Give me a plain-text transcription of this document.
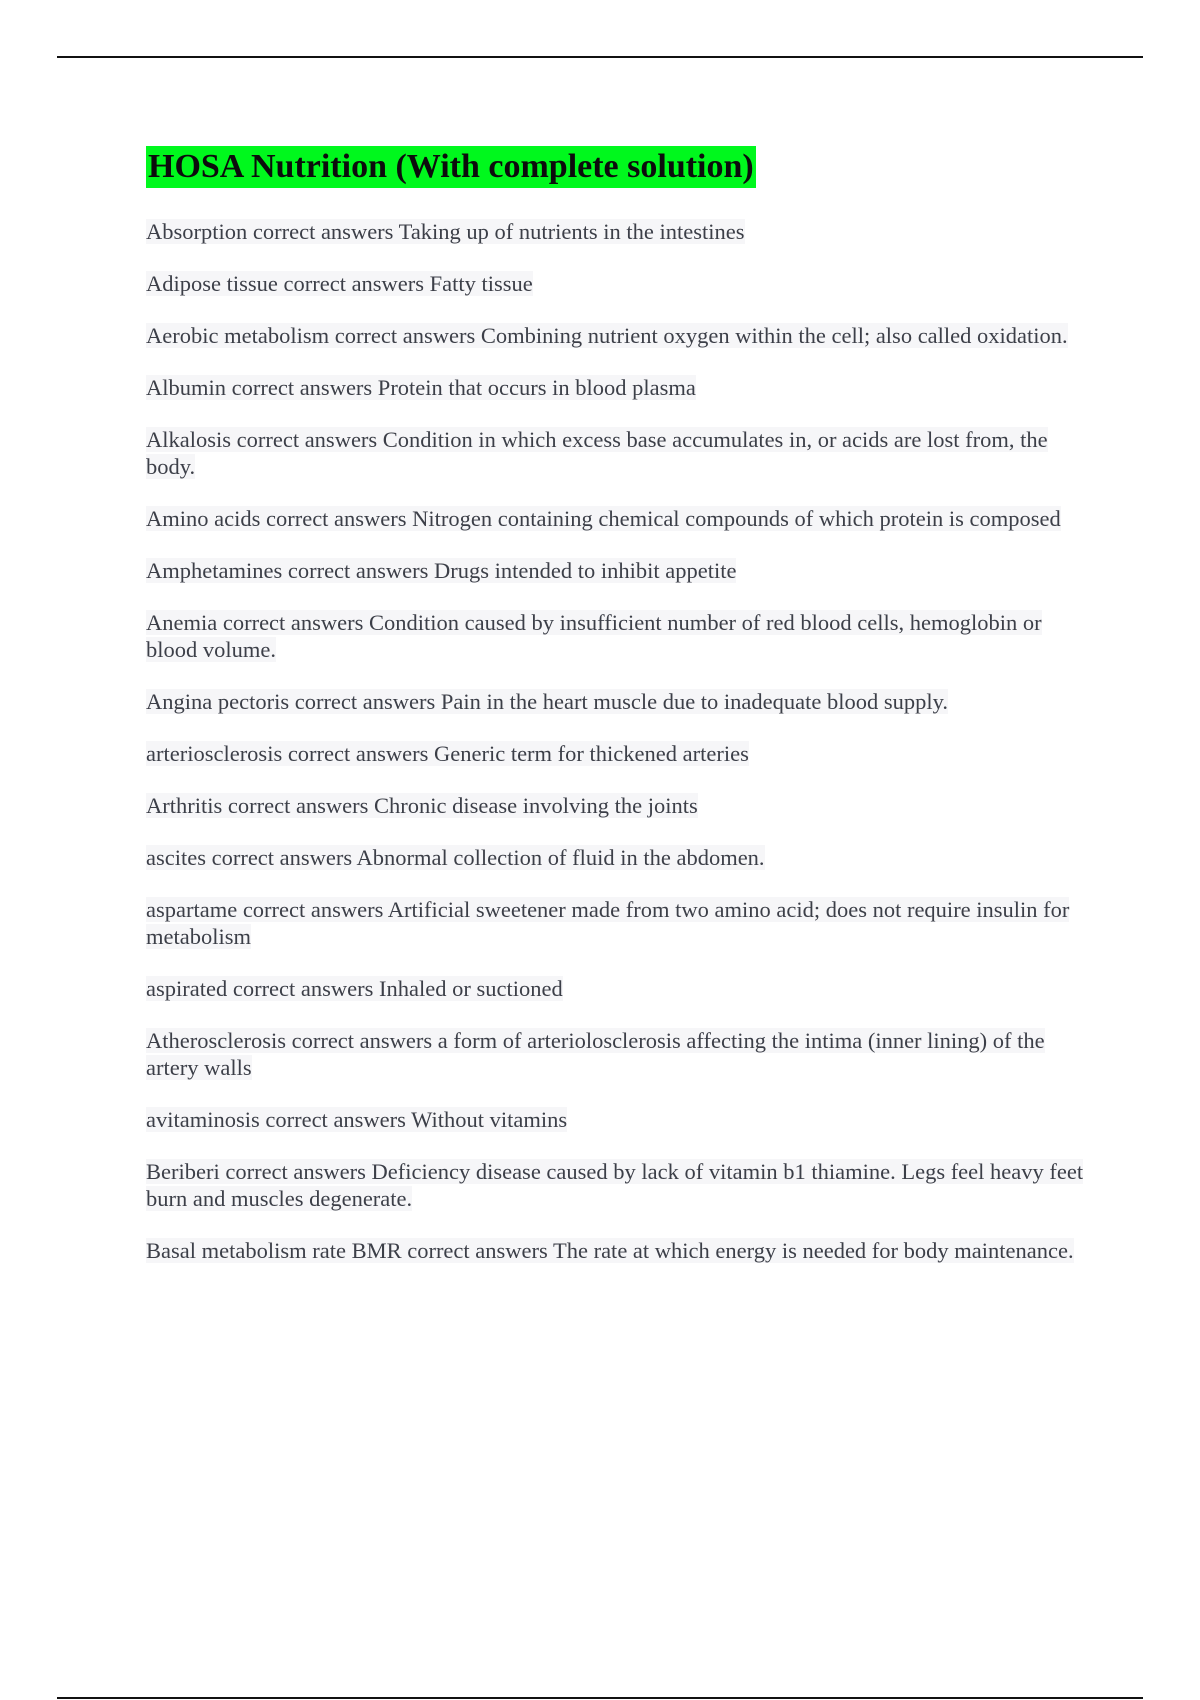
HOSA Nutrition (With complete solution)
Absorption correct answers Taking up of nutrients in the intestines
Adipose tissue correct answers Fatty tissue
Aerobic metabolism correct answers Combining nutrient oxygen within the cell; also called oxidation.
Albumin correct answers Protein that occurs in blood plasma
Alkalosis correct answers Condition in which excess base accumulates in, or acids are lost from, the body.
Amino acids correct answers Nitrogen containing chemical compounds of which protein is composed
Amphetamines correct answers Drugs intended to inhibit appetite
Anemia correct answers Condition caused by insufficient number of red blood cells, hemoglobin or blood volume.
Angina pectoris correct answers Pain in the heart muscle due to inadequate blood supply.
arteriosclerosis correct answers Generic term for thickened arteries
Arthritis correct answers Chronic disease involving the joints
ascites correct answers Abnormal collection of fluid in the abdomen.
aspartame correct answers Artificial sweetener made from two amino acid; does not require insulin for metabolism
aspirated correct answers Inhaled or suctioned
Atherosclerosis correct answers a form of arteriolosclerosis affecting the intima (inner lining) of the artery walls
avitaminosis correct answers Without vitamins
Beriberi correct answers Deficiency disease caused by lack of vitamin b1 thiamine. Legs feel heavy feet burn and muscles degenerate.
Basal metabolism rate BMR correct answers The rate at which energy is needed for body maintenance.
